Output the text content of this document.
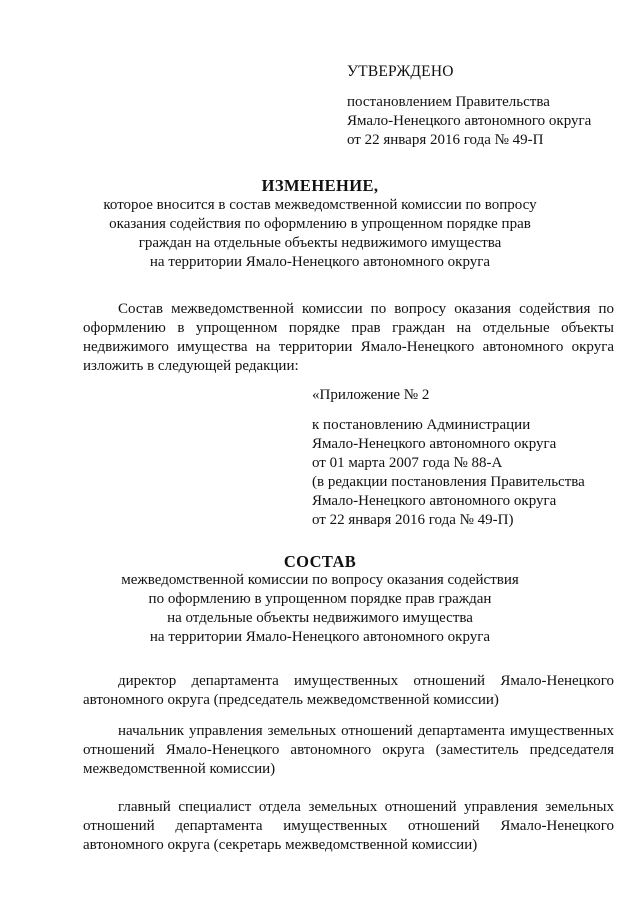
УТВЕРЖДЕНО
постановлением Правительства
Ямало-Ненецкого автономного округа
от 22 января 2016 года № 49-П
ИЗМЕНЕНИЕ,
которое вносится в состав межведомственной комиссии по вопросу
оказания содействия по оформлению в упрощенном порядке прав
граждан на отдельные объекты недвижимого имущества
на территории Ямало-Ненецкого автономного округа
Состав межведомственной комиссии по вопросу оказания содействия по
оформлению в упрощенном порядке прав граждан на отдельные объекты
недвижимого имущества на территории Ямало-Ненецкого автономного округа
изложить в следующей редакции:
«Приложение № 2
к постановлению Администрации
Ямало-Ненецкого автономного округа
от 01 марта 2007 года № 88-А
(в редакции постановления Правительства
Ямало-Ненецкого автономного округа
от 22 января 2016 года № 49-П)
СОСТАВ
межведомственной комиссии по вопросу оказания содействия
по оформлению в упрощенном порядке прав граждан
на отдельные объекты недвижимого имущества
на территории Ямало-Ненецкого автономного округа
директор департамента имущественных отношений Ямало-Ненецкого
автономного округа (председатель межведомственной комиссии)
начальник управления земельных отношений департамента имущественных
отношений Ямало-Ненецкого автономного округа (заместитель председателя
межведомственной комиссии)
главный специалист отдела земельных отношений управления земельных
отношений департамента имущественных отношений Ямало-Ненецкого
автономного округа (секретарь межведомственной комиссии)
